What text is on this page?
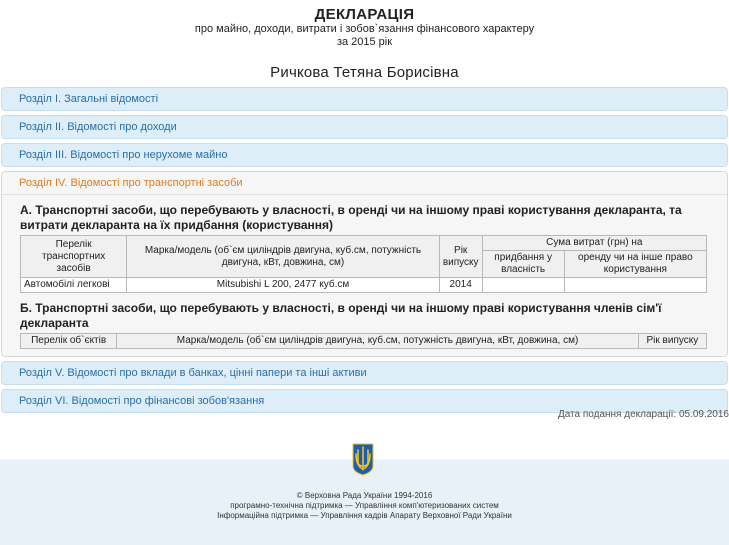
ДЕКЛАРАЦІЯ
про майно, доходи, витрати і зобов`язання фінансового характеру
за 2015 рік
Ричкова Тетяна Борисівна
Розділ I. Загальні відомості
Розділ II. Відомості про доходи
Розділ III. Відомості про нерухоме майно
Розділ IV. Відомості про транспортні засоби
А. Транспортні засоби, що перебувають у власності, в оренді чи на іншому праві користування декларанта, та витрати декларанта на їх придбання (користування)
Перелік транспортних засобів	Марка/модель (об`єм циліндрів двигуна, куб.см, потужність двигуна, кВт, довжина, см)	Рік випуску	Сума витрат (грн) на	
			придбання у власність	оренду чи на інше право користування
Автомобілі легкові	Mitsubishi L 200, 2477 куб.см	2014		
Б. Транспортні засоби, що перебувають у власності, в оренді чи на іншому праві користування членів сім'ї декларанта
Перелік об`єктів	Марка/модель (об`єм циліндрів двигуна, куб.см, потужність двигуна, кВт, довжина, см)	Рік випуску
Розділ V. Відомості про вклади в банках, цінні папери та інші активи
Розділ VI. Відомості про фінансові зобов'язання
Дата подання декларації: 05.09.2016
© Верховна Рада України 1994-2016
програмно-технічна підтримка — Управління комп'ютеризованих систем
Інформаційна підтримка — Управління кадрів Апарату Верховної Ради України
